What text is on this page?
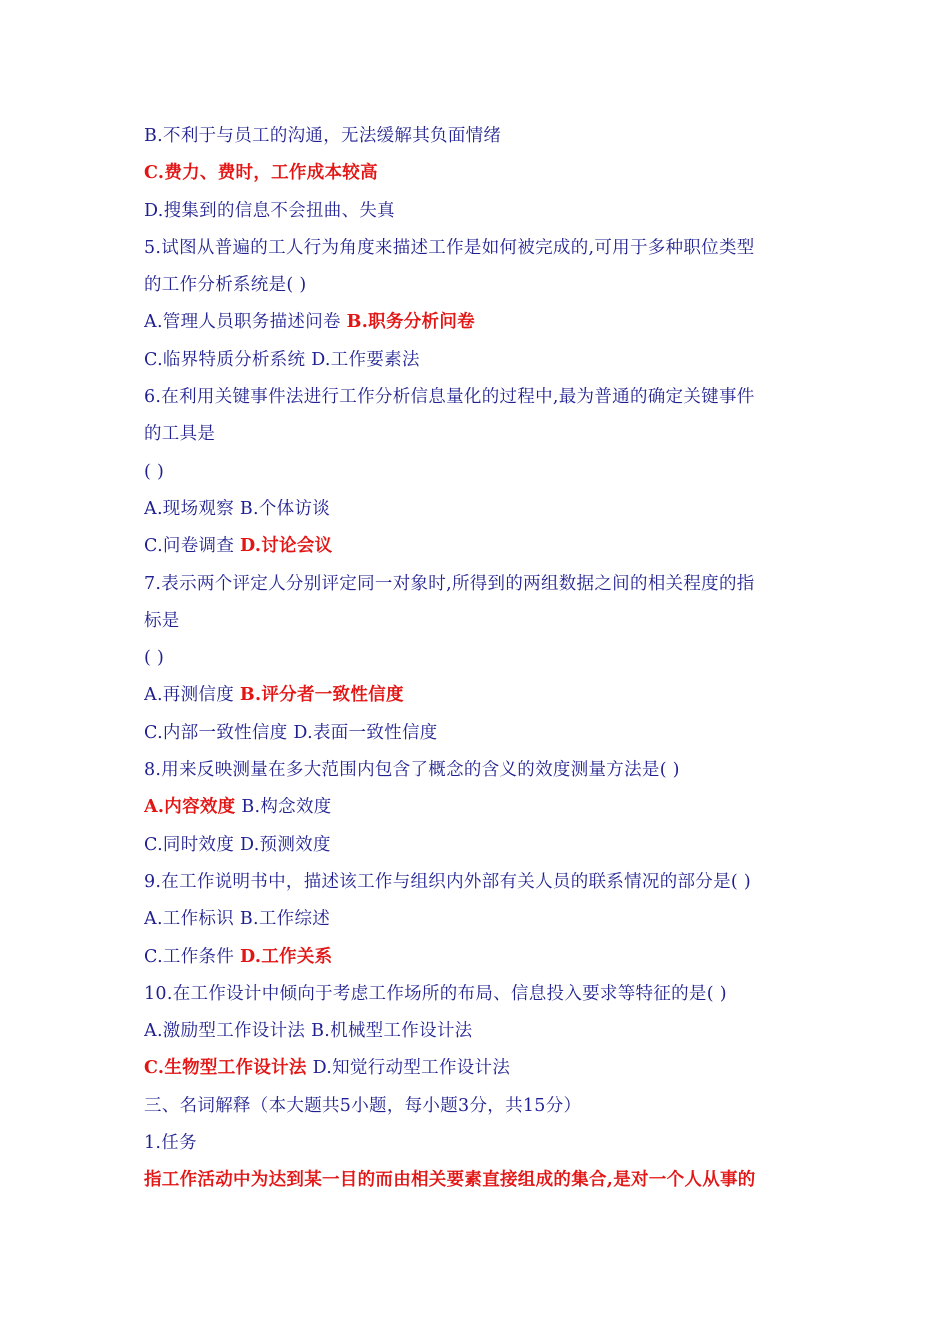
B.不利于与员工的沟通，无法缓解其负面情绪
C.费力、费时，工作成本较高
D.搜集到的信息不会扭曲、失真
5.试图从普遍的工人行为角度来描述工作是如何被完成的,可用于多种职位类型
的工作分析系统是( )
A.管理人员职务描述问卷 B.职务分析问卷
C.临界特质分析系统 D.工作要素法
6.在利用关键事件法进行工作分析信息量化的过程中,最为普通的确定关键事件
的工具是
( )
A.现场观察 B.个体访谈
C.问卷调查 D.讨论会议
7.表示两个评定人分别评定同一对象时,所得到的两组数据之间的相关程度的指
标是
( )
A.再测信度 B.评分者一致性信度
C.内部一致性信度 D.表面一致性信度
8.用来反映测量在多大范围内包含了概念的含义的效度测量方法是( )
A.内容效度 B.构念效度
C.同时效度 D.预测效度
9.在工作说明书中，描述该工作与组织内外部有关人员的联系情况的部分是( )
A.工作标识 B.工作综述
C.工作条件 D.工作关系
10.在工作设计中倾向于考虑工作场所的布局、信息投入要求等特征的是( )
A.激励型工作设计法 B.机械型工作设计法
C.生物型工作设计法 D.知觉行动型工作设计法
三、名词解释（本大题共5小题，每小题3分，共15分）
1.任务
指工作活动中为达到某一目的而由相关要素直接组成的集合,是对一个人从事的
